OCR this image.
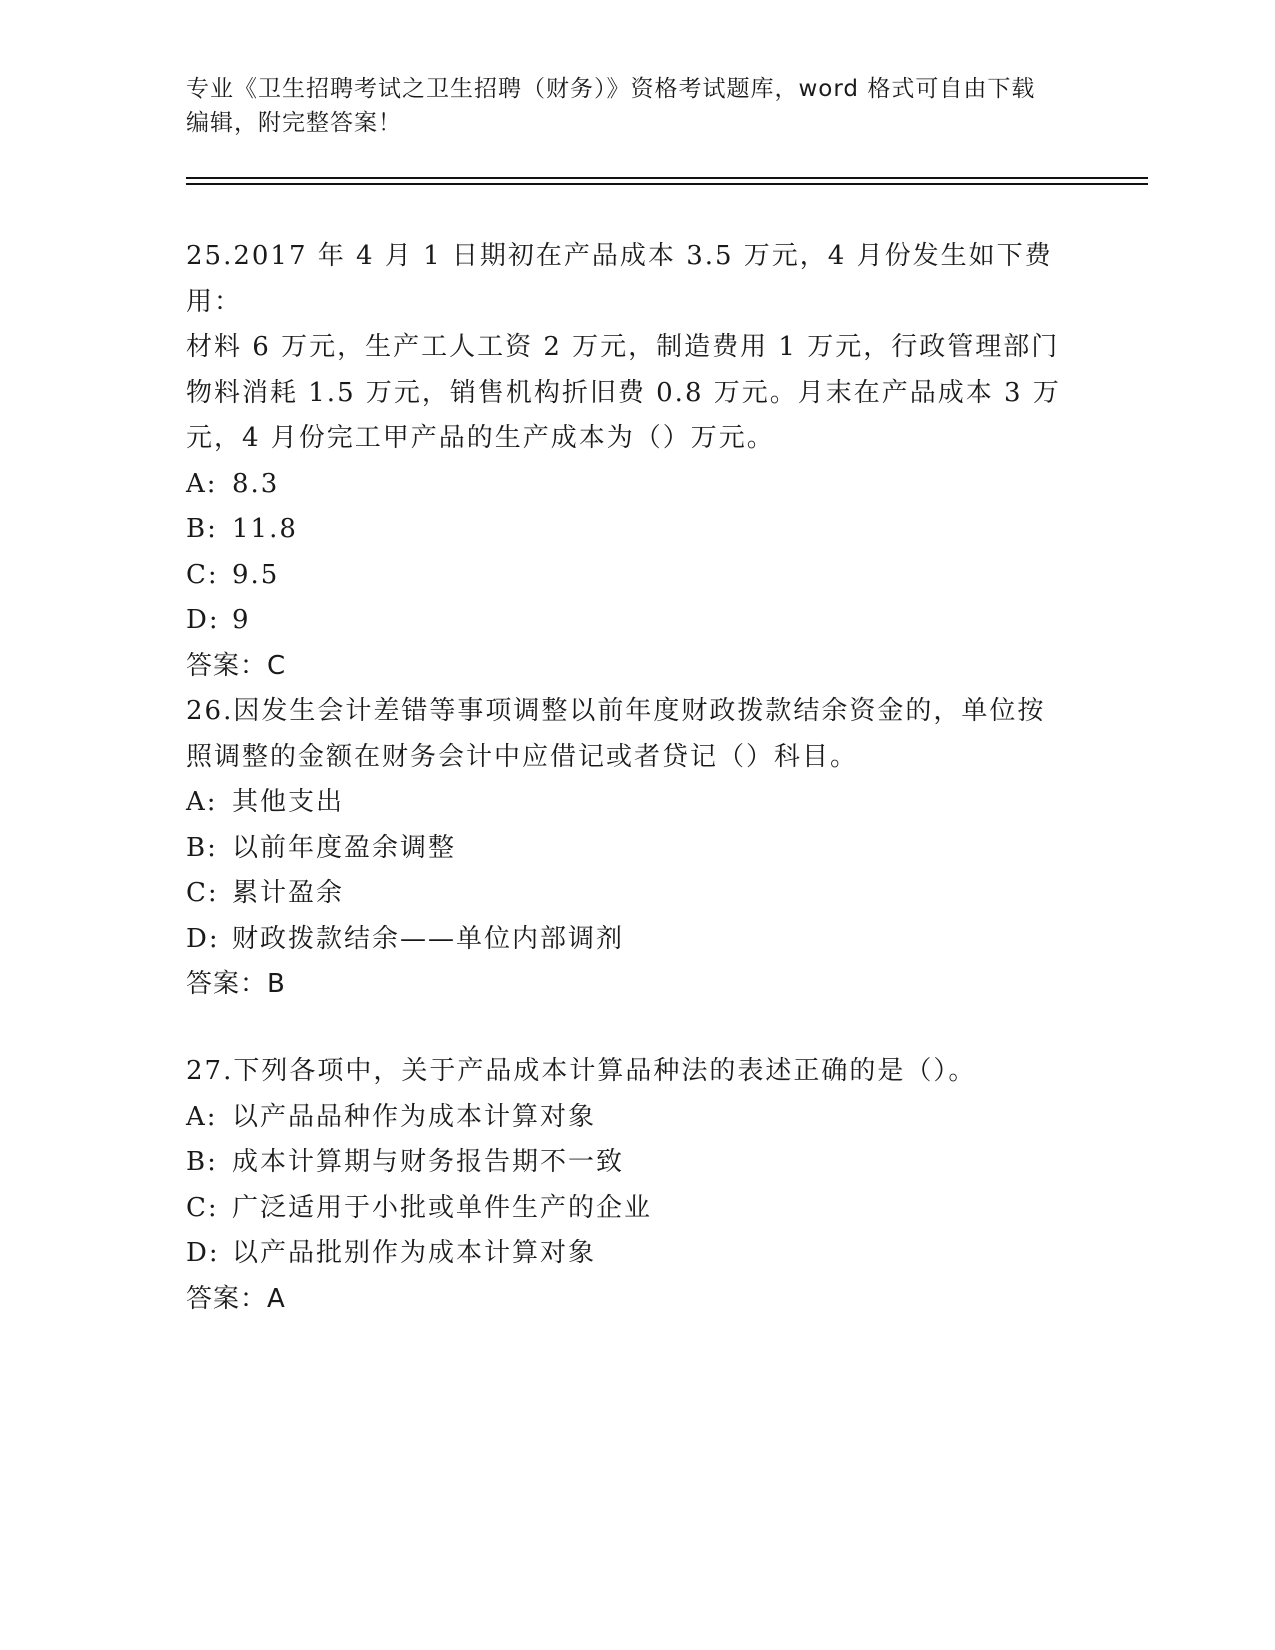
专业《卫生招聘考试之卫生招聘（财务）》资格考试题库，word 格式可自由下载
编辑，附完整答案！

25.2017 年 4 月 1 日期初在产品成本 3.5 万元，4 月份发生如下费用：

材料 6 万元，生产工人工资 2 万元，制造费用 1 万元，行政管理部门

物料消耗 1.5 万元，销售机构折旧费 0.8 万元。月末在产品成本 3 万

元，4 月份完工甲产品的生产成本为（）万元。

A: 8.3

B: 11.8

C: 9.5

D: 9

答案：C

26.因发生会计差错等事项调整以前年度财政拨款结余资金的，单位按

照调整的金额在财务会计中应借记或者贷记（）科目。

A: 其他支出

B: 以前年度盈余调整

C: 累计盈余

D: 财政拨款结余——单位内部调剂

答案：B

27.下列各项中，关于产品成本计算品种法的表述正确的是（）。

A: 以产品品种作为成本计算对象

B: 成本计算期与财务报告期不一致

C: 广泛适用于小批或单件生产的企业

D: 以产品批别作为成本计算对象

答案：A
